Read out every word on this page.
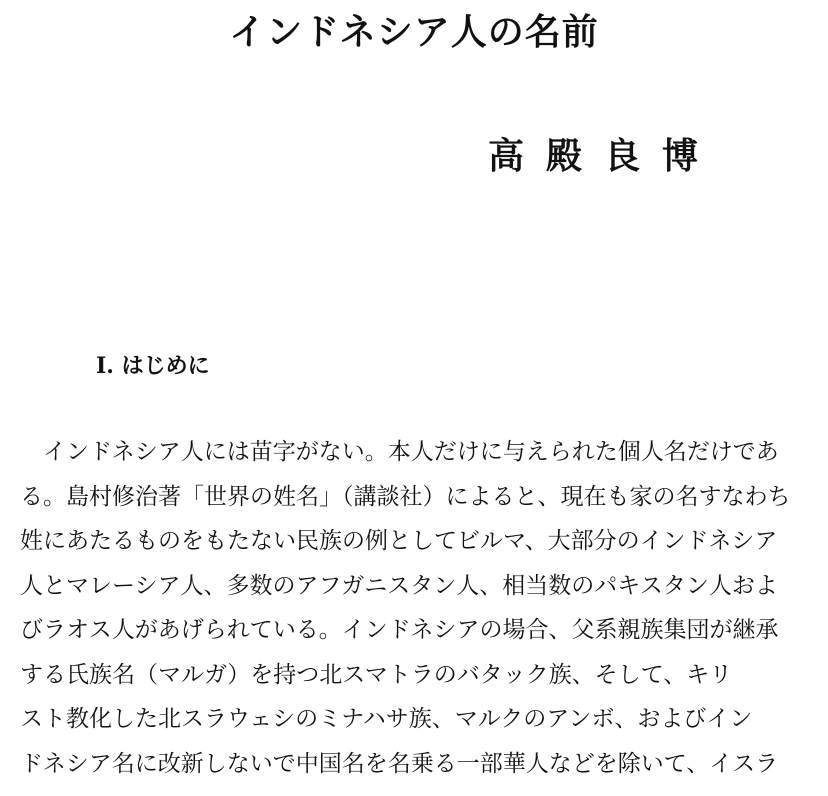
インドネシア人の名前
高殿良博
Ⅰ. はじめに
インドネシア人には苗字がない。本人だけに与えられた個人名だけであ
る。島村修治著「世界の姓名」（講談社）によると、現在も家の名すなわち
姓にあたるものをもたない民族の例としてビルマ、大部分のインドネシア
人とマレーシア人、多数のアフガニスタン人、相当数のパキスタン人およ
びラオス人があげられている。インドネシアの場合、父系親族集団が継承
する氏族名（マルガ）を持つ北スマトラのバタック族、そして、キリ
スト教化した北スラウェシのミナハサ族、マルクのアンボ、およびイン
ドネシア名に改新しないで中国名を名乗る一部華人などを除いて、イスラ
